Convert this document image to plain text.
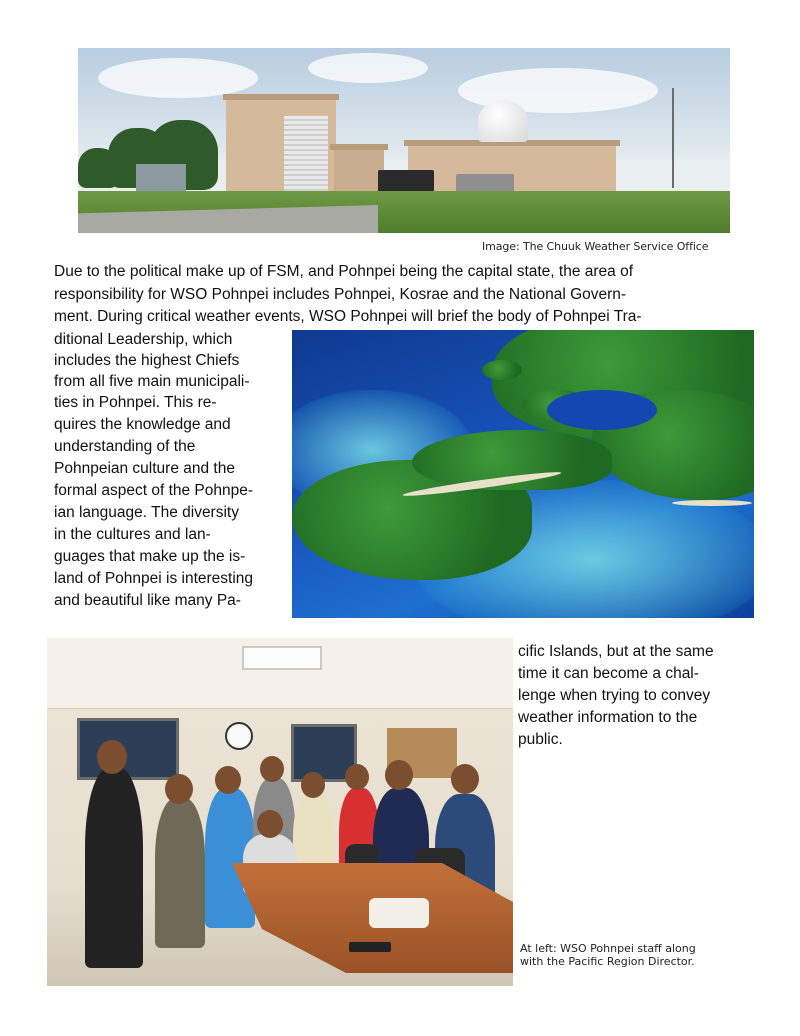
Image: The Chuuk Weather Service Office
Due to the political make up of FSM, and Pohnpei being the capital state, the area of
responsibility for WSO Pohnpei includes Pohnpei, Kosrae and the National Govern-
ment. During critical weather events, WSO Pohnpei will brief the body of Pohnpei Tra-
ditional Leadership, which
includes the highest Chiefs
from all five main municipali-
ties in Pohnpei. This re-
quires the knowledge and
understanding of the
Pohnpeian culture and the
formal aspect of the Pohnpe-
ian language. The diversity
in the cultures and lan-
guages that make up the is-
land of Pohnpei is interesting
and beautiful like many Pa-
cific Islands, but at the same
time it can become a chal-
lenge when trying to convey
weather information to the
public.
At left: WSO Pohnpei staff along
with the Pacific Region Director.
